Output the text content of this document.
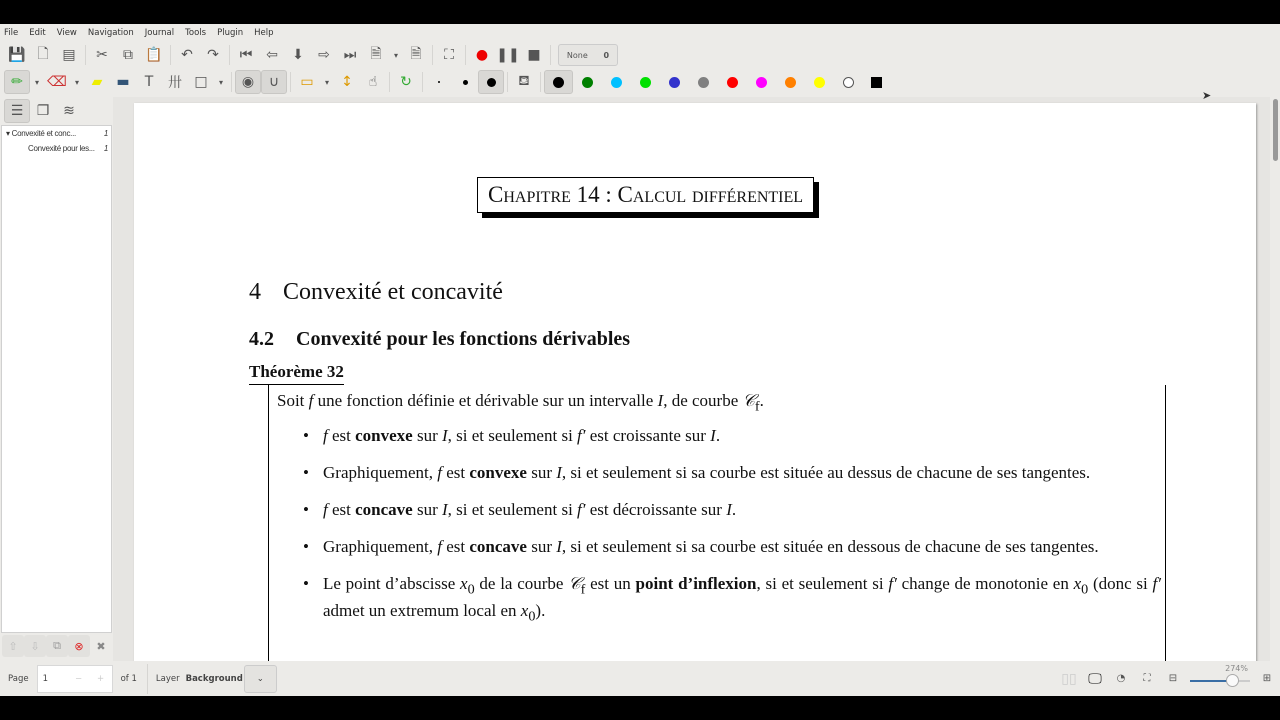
File Edit View Navigation Journal Tools Plugin Help
💾 🗋 ▤ ✂ ⧉ 📋 ↶ ↷ ⏮ ⇦ ⬇ ⇨ ⏭ 🗎 ▾ 🗎 ⛶ ● ❚❚ ■	None 0
✏ ▾ ⌫ ▾ ▰ ▬ T 卅 □ ▾ ◉ ∪ ▭ ▾ ↕ ☝ ↻	⛾
☰ ❐ ≋
▾ Convexité et conc...	1
Convexité pour les... 1
⇧ ⇩ ⧉ ⊗ ✖
Chapitre 14 : Calcul différentiel
4 Convexité et concavité
4.2 Convexité pour les fonctions dérivables
Théorème 32
Soit f une fonction définie et dérivable sur un intervalle I, de courbe 𝒞$_f$.
• f est convexe sur I, si et seulement si f′ est croissante sur I.
• Graphiquement, f est convexe sur I, si et seulement si sa courbe est située au dessus de chacune de ses tangentes.
• f est concave sur I, si et seulement si f′ est décroissante sur I.
• Graphiquement, f est concave sur I, si et seulement si sa courbe est située en dessous de chacune de ses tangentes.
• Le point d’abscisse $x_0$ de la courbe 𝒞$_f$ est un point d’inflexion, si et seulement si f′ change de monotonie en $x_0$ (donc si f′ admet un extremum local en $x_0$).
Page	1	−	+	of 1 Layer Background ⌄	▯▯ 🖵 ◔ ⛶ ⊟
274%
⊞
➤
